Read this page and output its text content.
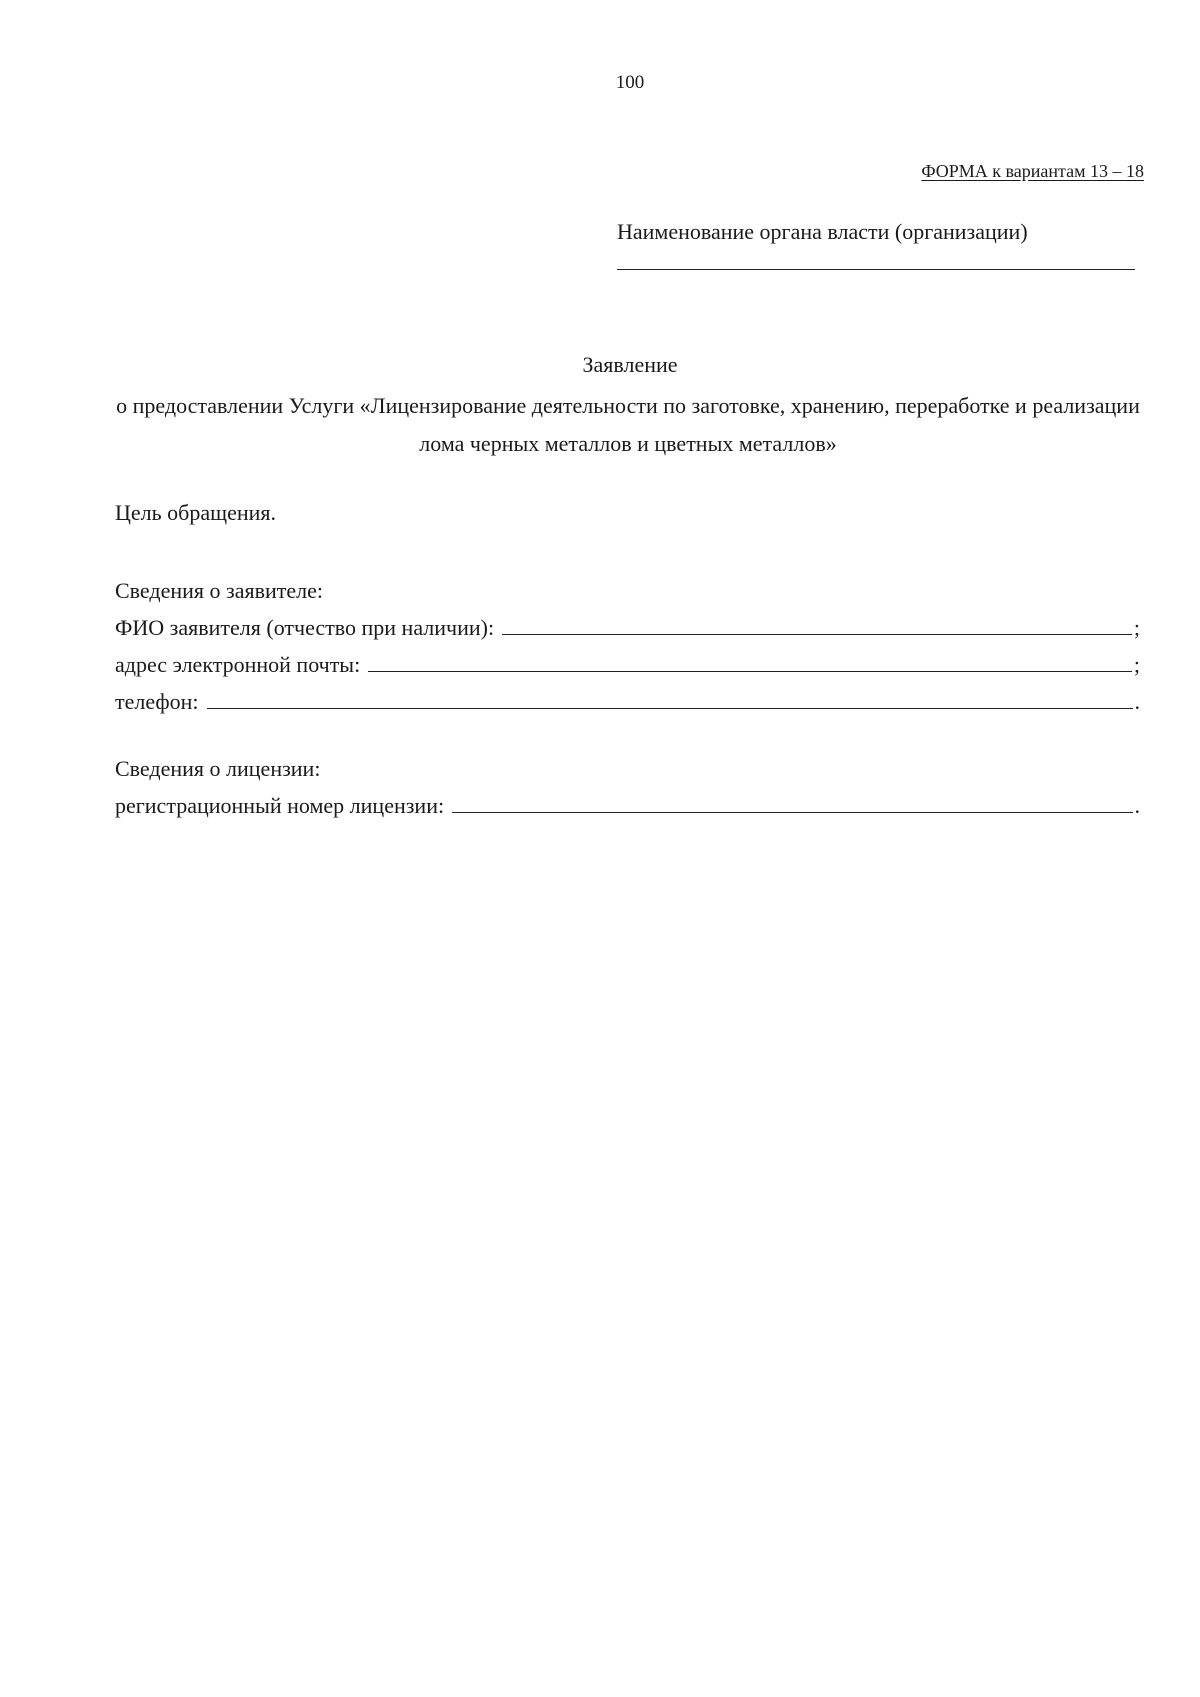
100
ФОРМА к вариантам 13 – 18
Наименование органа власти (организации)
Заявление
о предоставлении Услуги «Лицензирование деятельности по заготовке, хранению, переработке и реализации лома черных металлов и цветных металлов»
Цель обращения.
Сведения о заявителе:
ФИО заявителя (отчество при наличии):	;
адрес электронной почты:	;
телефон:	.
Сведения о лицензии:
регистрационный номер лицензии:	.
